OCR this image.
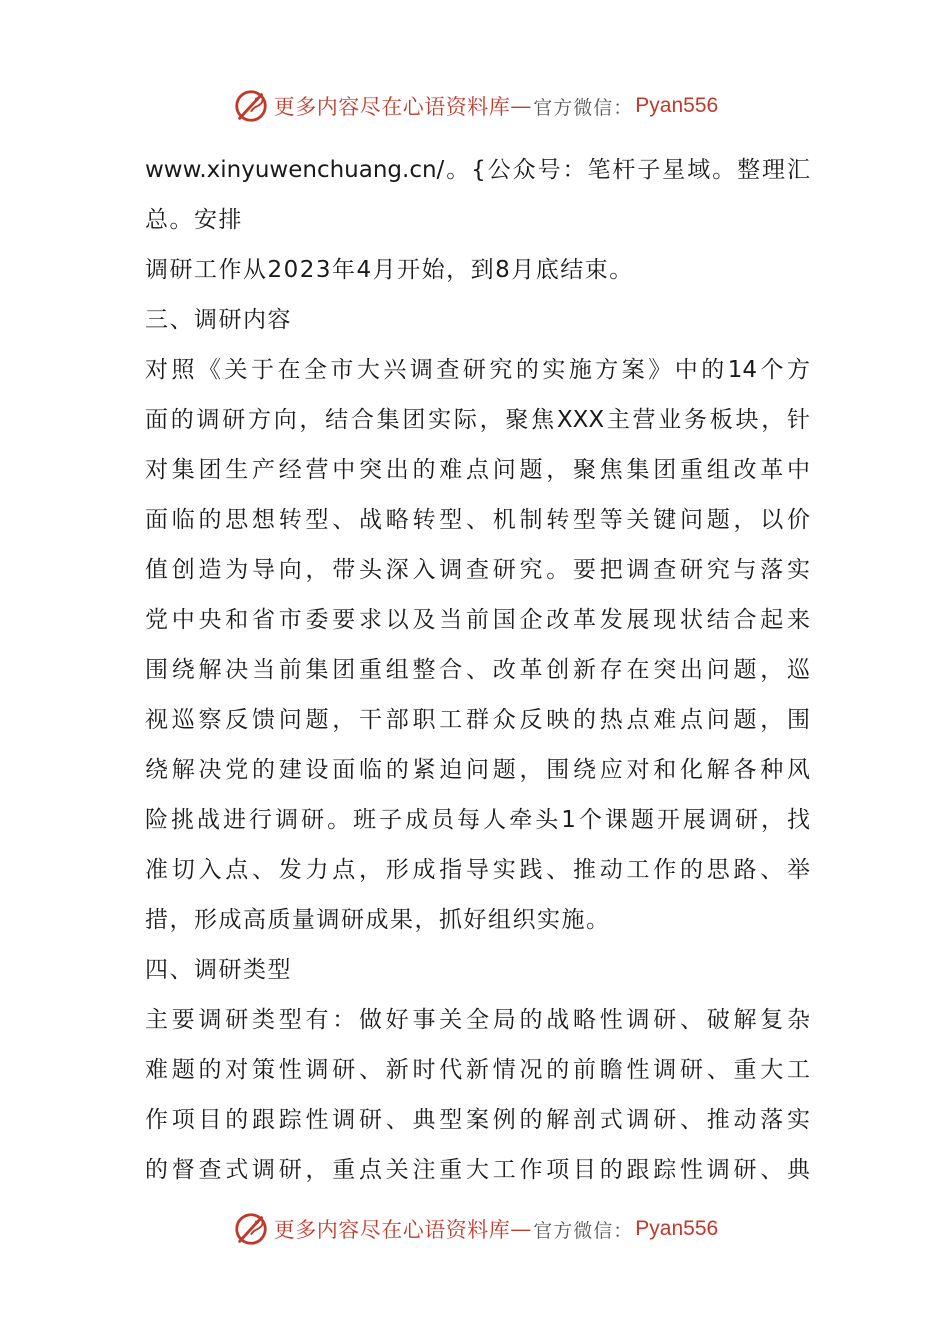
更多内容尽在心语资料库 — 官方微信： Pyan556
www.xinyuwenchuang.cn/。{公众号：笔杆子星域。整理汇
总。安排
调研工作从2023年4月开始，到8月底结束。
三、调研内容
对照《关于在全市大兴调查研究的实施方案》中的14个方
面的调研方向，结合集团实际，聚焦XXX主营业务板块，针
对集团生产经营中突出的难点问题，聚焦集团重组改革中
面临的思想转型、战略转型、机制转型等关键问题，以价
值创造为导向，带头深入调查研究。要把调查研究与落实
党中央和省市委要求以及当前国企改革发展现状结合起来
围绕解决当前集团重组整合、改革创新存在突出问题，巡
视巡察反馈问题，干部职工群众反映的热点难点问题，围
绕解决党的建设面临的紧迫问题，围绕应对和化解各种风
险挑战进行调研。班子成员每人牵头1个课题开展调研，找
准切入点、发力点，形成指导实践、推动工作的思路、举
措，形成高质量调研成果，抓好组织实施。
四、调研类型
主要调研类型有：做好事关全局的战略性调研、破解复杂
难题的对策性调研、新时代新情况的前瞻性调研、重大工
作项目的跟踪性调研、典型案例的解剖式调研、推动落实
的督查式调研，重点关注重大工作项目的跟踪性调研、典
更多内容尽在心语资料库 — 官方微信： Pyan556
